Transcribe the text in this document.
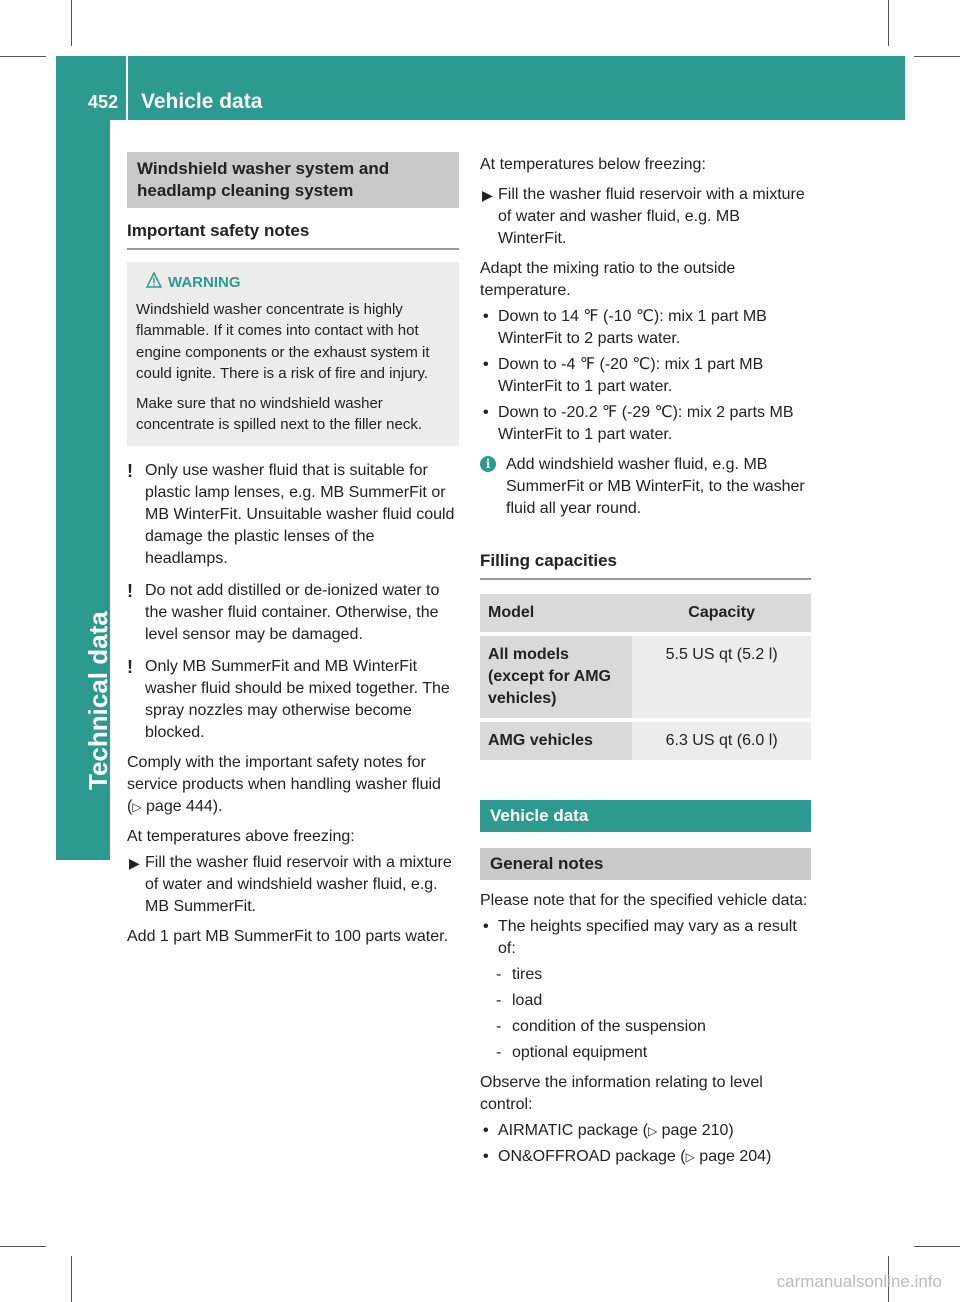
452 Vehicle data
Technical data
Windshield washer system and headlamp cleaning system
Important safety notes
WARNING

Windshield washer concentrate is highly flammable. If it comes into contact with hot engine components or the exhaust system it could ignite. There is a risk of fire and injury.

Make sure that no windshield washer concentrate is spilled next to the filler neck.

! Only use washer fluid that is suitable for plastic lamp lenses, e.g. MB SummerFit or MB WinterFit. Unsuitable washer fluid could damage the plastic lenses of the headlamps.
! Do not add distilled or de-ionized water to the washer fluid container. Otherwise, the level sensor may be damaged.
! Only MB SummerFit and MB WinterFit washer fluid should be mixed together. The spray nozzles may otherwise become blocked.

Comply with the important safety notes for service products when handling washer fluid (▷ page 444).

At temperatures above freezing:

▶ Fill the washer fluid reservoir with a mixture of water and windshield washer fluid, e.g. MB SummerFit.

Add 1 part MB SummerFit to 100 parts water.

At temperatures below freezing:

▶ Fill the washer fluid reservoir with a mixture of water and washer fluid, e.g. MB WinterFit.

Adapt the mixing ratio to the outside temperature.

• Down to 14 ℉ (-10 ℃): mix 1 part MB WinterFit to 2 parts water.
• Down to -4 ℉ (-20 ℃): mix 1 part MB WinterFit to 1 part water.
• Down to -20.2 ℉ (-29 ℃): mix 2 parts MB WinterFit to 1 part water.
i Add windshield washer fluid, e.g. MB SummerFit or MB WinterFit, to the washer fluid all year round.
Filling capacities
Model	Capacity
All models (except for AMG vehicles)	5.5 US qt (5.2 l)
AMG vehicles	6.3 US qt (6.0 l)
Vehicle data
General notes

Please note that for the specified vehicle data:

• The heights specified may vary as a result of:
- tires
- load
- condition of the suspension
- optional equipment

Observe the information relating to level control:

• AIRMATIC package (▷ page 210)
• ON&OFFROAD package (▷ page 204)
carmanualsonline.info
